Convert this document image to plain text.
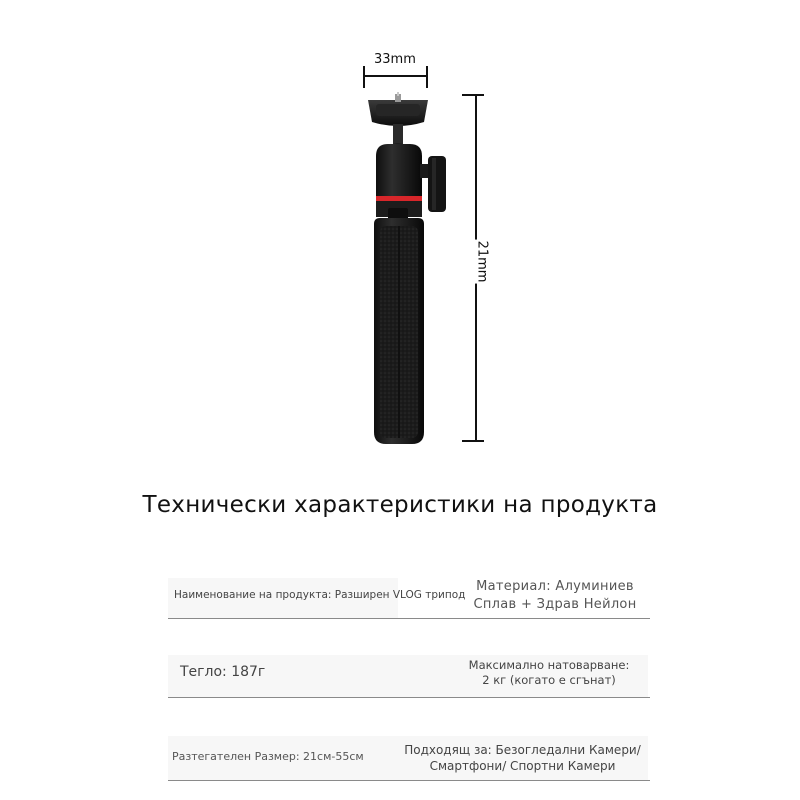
33mm
21mm
Технически характеристики на продукта
Наименование на продукта: Разширен VLOG трипод
Материал: Алуминиев
Сплав + Здрав Нейлон
Тегло: 187г	Максимално натоварване:
2 кг (когато е сгънат)
Разтегателен Размер: 21см-55см	Подходящ за: Безогледални Камери/
Смартфони/ Спортни Камери
